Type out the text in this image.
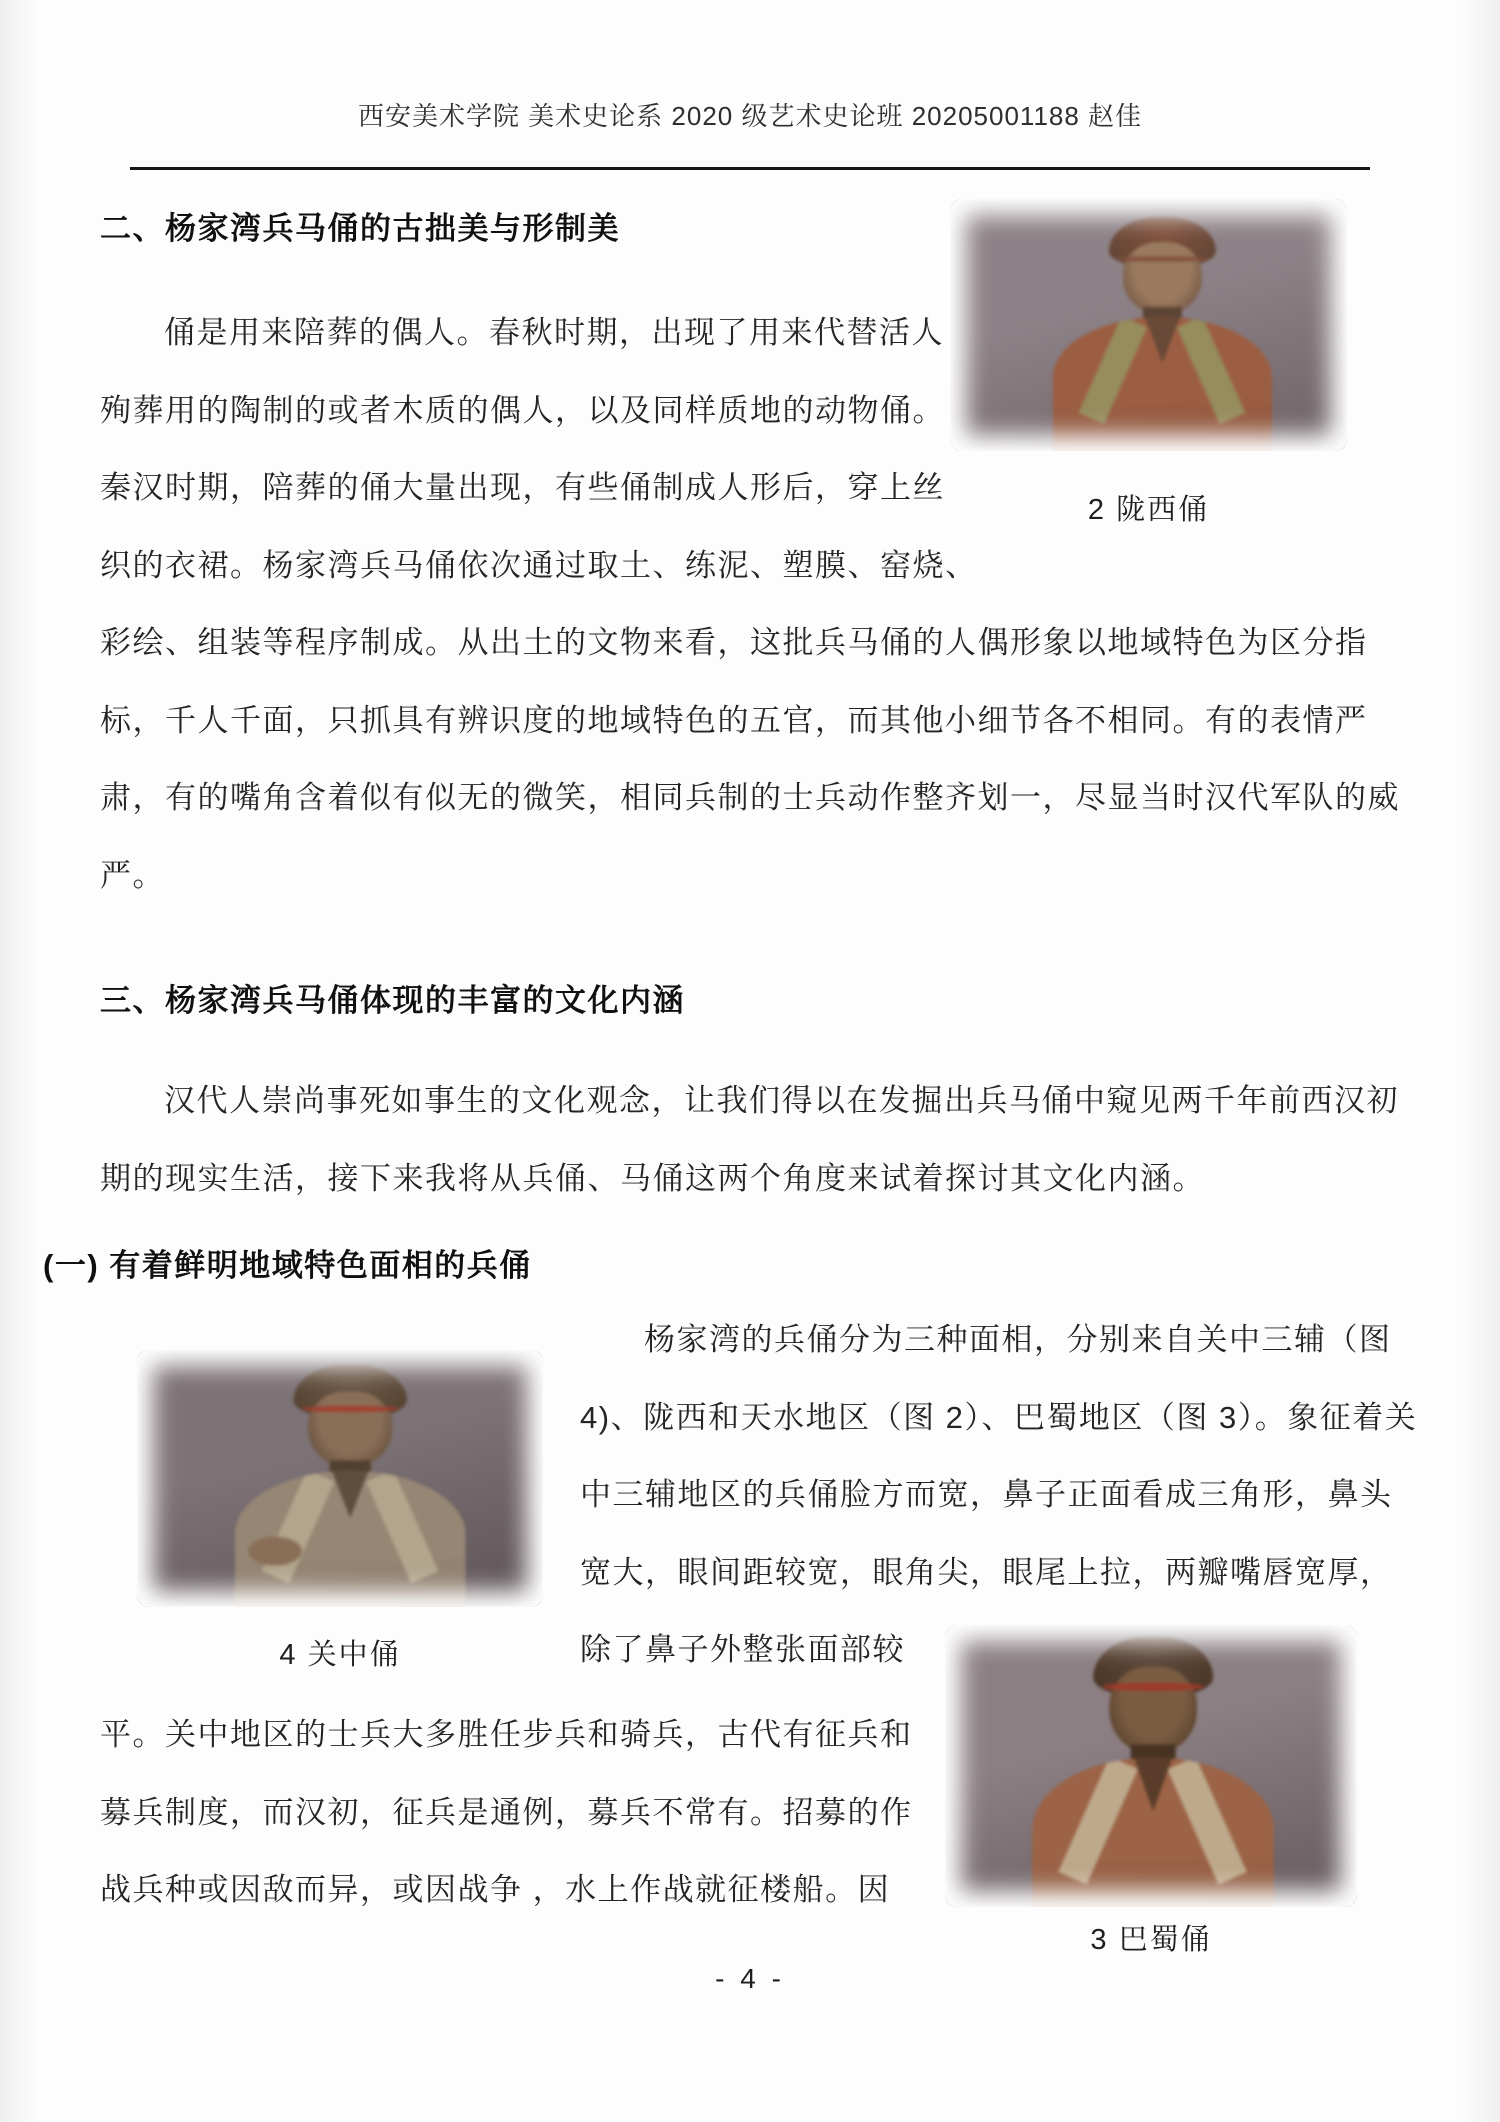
西安美术学院 美术史论系 2020 级艺术史论班 20205001188 赵佳
二、杨家湾兵马俑的古拙美与形制美
俑是用来陪葬的偶人。春秋时期，出现了用来代替活人
殉葬用的陶制的或者木质的偶人，以及同样质地的动物俑。
秦汉时期，陪葬的俑大量出现，有些俑制成人形后，穿上丝
织的衣裙。杨家湾兵马俑依次通过取土、练泥、塑膜、窑烧、
彩绘、组装等程序制成。从出土的文物来看，这批兵马俑的人偶形象以地域特色为区分指
标，千人千面，只抓具有辨识度的地域特色的五官，而其他小细节各不相同。有的表情严
肃，有的嘴角含着似有似无的微笑，相同兵制的士兵动作整齐划一，尽显当时汉代军队的威
严。
2 陇西俑
三、杨家湾兵马俑体现的丰富的文化内涵
汉代人崇尚事死如事生的文化观念，让我们得以在发掘出兵马俑中窥见两千年前西汉初
期的现实生活，接下来我将从兵俑、马俑这两个角度来试着探讨其文化内涵。
(一) 有着鲜明地域特色面相的兵俑
4 关中俑
杨家湾的兵俑分为三种面相，分别来自关中三辅（图
4)、陇西和天水地区（图 2）、巴蜀地区（图 3）。象征着关
中三辅地区的兵俑脸方而宽，鼻子正面看成三角形，鼻头
宽大，眼间距较宽，眼角尖，眼尾上拉，两瓣嘴唇宽厚，
除了鼻子外整张面部较
平。关中地区的士兵大多胜任步兵和骑兵，古代有征兵和
募兵制度，而汉初，征兵是通例，募兵不常有。招募的作
战兵种或因敌而异，或因战争 ，水上作战就征楼船。因
3 巴蜀俑
- 4 -
